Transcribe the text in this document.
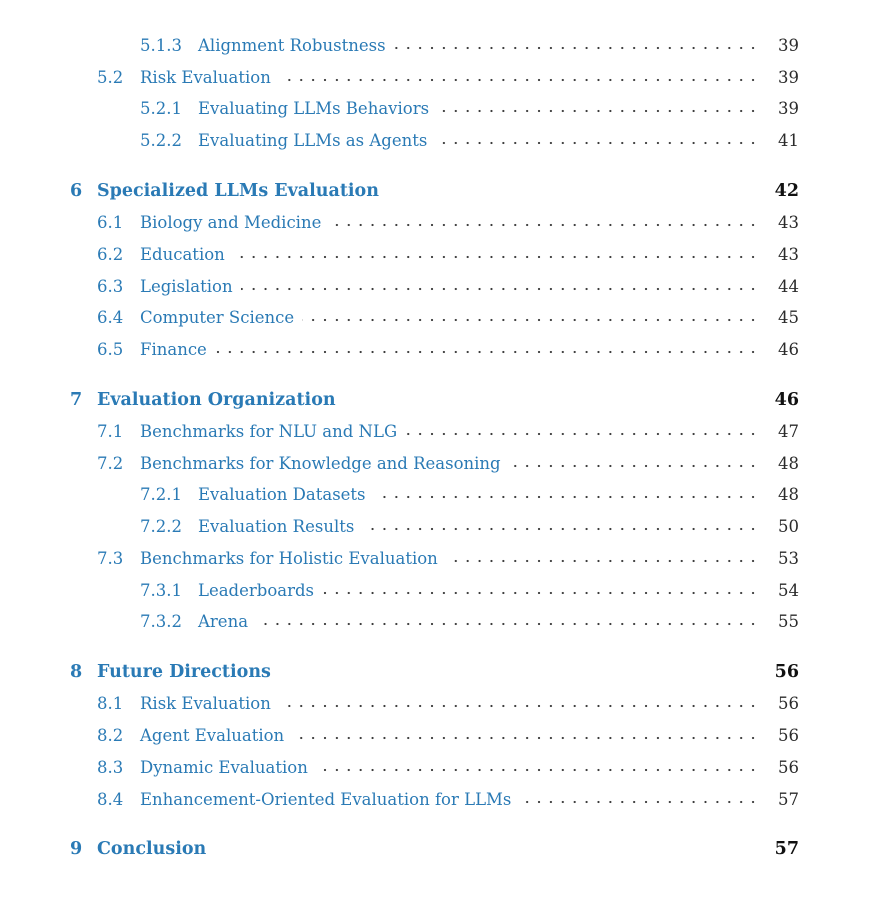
5.1.3 Alignment Robustness	39
5.2 Risk Evaluation	39
5.2.1 Evaluating LLMs Behaviors	39
5.2.2 Evaluating LLMs as Agents	41
6 Specialized LLMs Evaluation	42
6.1 Biology and Medicine	43
6.2 Education	43
6.3 Legislation	44
6.4 Computer Science	45
6.5 Finance	46
7 Evaluation Organization	46
7.1 Benchmarks for NLU and NLG	47
7.2 Benchmarks for Knowledge and Reasoning	48
7.2.1 Evaluation Datasets	48
7.2.2 Evaluation Results	50
7.3 Benchmarks for Holistic Evaluation	53
7.3.1 Leaderboards	54
7.3.2 Arena	55
8 Future Directions	56
8.1 Risk Evaluation	56
8.2 Agent Evaluation	56
8.3 Dynamic Evaluation	56
8.4 Enhancement-Oriented Evaluation for LLMs	57
9 Conclusion	57
